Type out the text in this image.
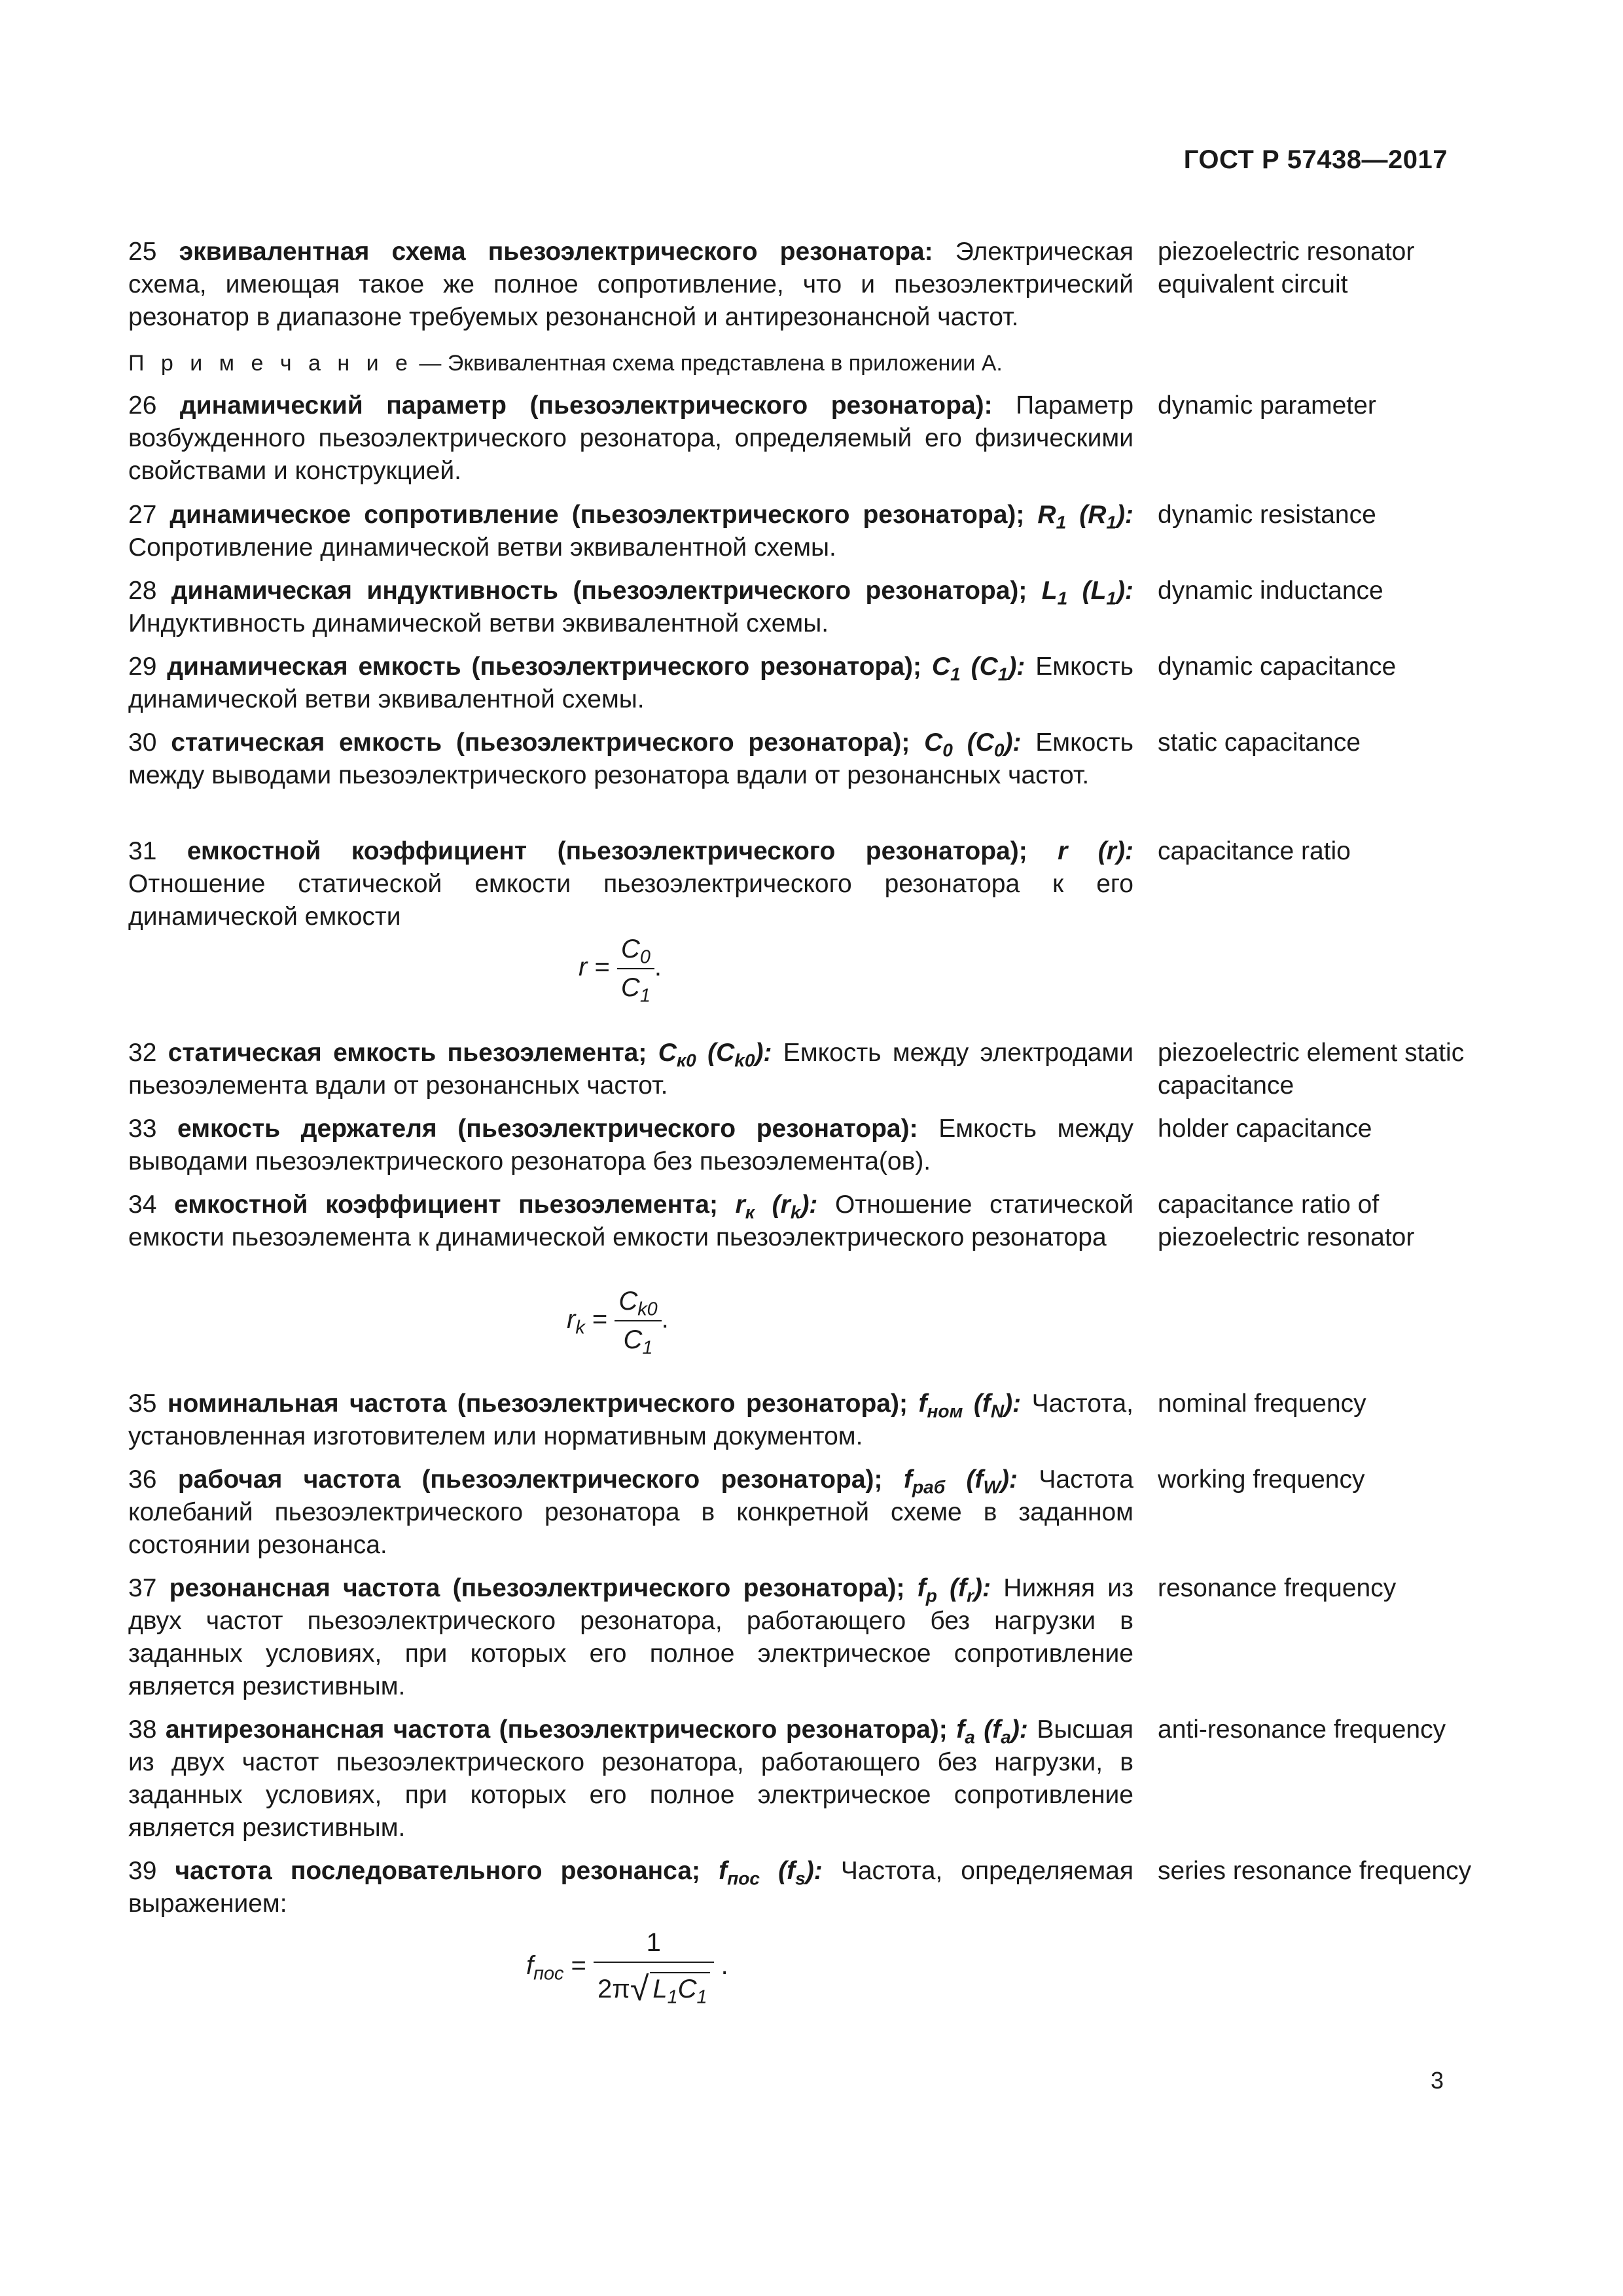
ГОСТ Р 57438—2017
25 эквивалентная схема пьезоэлектрического резонатора: Электрическая схема, имеющая такое же полное сопротивление, что и пьезоэлектрический резонатор в диапазоне требуемых резонансной и антирезонансной частот.
piezoelectric resonator equivalent circuit
П р и м е ч а н и е — Эквивалентная схема представлена в приложении А.
26 динамический параметр (пьезоэлектрического резонатора): Параметр возбужденного пьезоэлектрического резонатора, определяемый его физическими свойствами и конструкцией.
dynamic parameter
27 динамическое сопротивление (пьезоэлектрического резонатора); $R_1$ $(R_1)$: Сопротивление динамической ветви эквивалентной схемы.
dynamic resistance
28 динамическая индуктивность (пьезоэлектрического резонатора); $L_1$ $(L_1)$: Индуктивность динамической ветви эквивалентной схемы.
dynamic inductance
29 динамическая емкость (пьезоэлектрического резонатора); $C_1$ $(C_1)$: Емкость динамической ветви эквивалентной схемы.
dynamic capacitance
30 статическая емкость (пьезоэлектрического резонатора); $C_0$ $(C_0)$: Емкость между выводами пьезоэлектрического резонатора вдали от резонансных частот.
static capacitance
31 емкостной коэффициент (пьезоэлектрического резонатора); r (r): Отношение статической емкости пьезоэлектрического резонатора к его динамической емкости
capacitance ratio
$r = \frac{C_0}{C_1}$ .
32 статическая емкость пьезоэлемента; $C_{к0}$ $(C_{k0})$: Емкость между электродами пьезоэлемента вдали от резонансных частот.
piezoelectric element static capacitance
33 емкость держателя (пьезоэлектрического резонатора): Емкость между выводами пьезоэлектрического резонатора без пьезоэлемента(ов).
holder capacitance
34 емкостной коэффициент пьезоэлемента; $r_к$ $(r_k)$: Отношение статической емкости пьезоэлемента к динамической емкости пьезоэлектрического резонатора
capacitance ratio of piezoelectric resonator
$r_k = \frac{C_{k0}}{C_1}$ .
35 номинальная частота (пьезоэлектрического резонатора); $f_{ном}$ $(f_N)$: Частота, установленная изготовителем или нормативным документом.
nominal frequency
36 рабочая частота (пьезоэлектрического резонатора); $f_{раб}$ $(f_W)$: Частота колебаний пьезоэлектрического резонатора в конкретной схеме в заданном состоянии резонанса.
working frequency
37 резонансная частота (пьезоэлектрического резонатора); $f_р$ $(f_r)$: Нижняя из двух частот пьезоэлектрического резонатора, работающего без нагрузки в заданных условиях, при которых его полное электрическое сопротивление является резистивным.
resonance frequency
38 антирезонансная частота (пьезоэлектрического резонатора); $f_а$ $(f_a)$: Высшая из двух частот пьезоэлектрического резонатора, работающего без нагрузки, в заданных условиях, при которых его полное электрическое сопротивление является резистивным.
anti-resonance frequency
39 частота последовательного резонанса; $f_{пос}$ $(f_s)$: Частота, определяемая выражением:
series resonance frequency
$f_{пос} = \frac{1}{2\pi√ L_1C_1}$ .
3
